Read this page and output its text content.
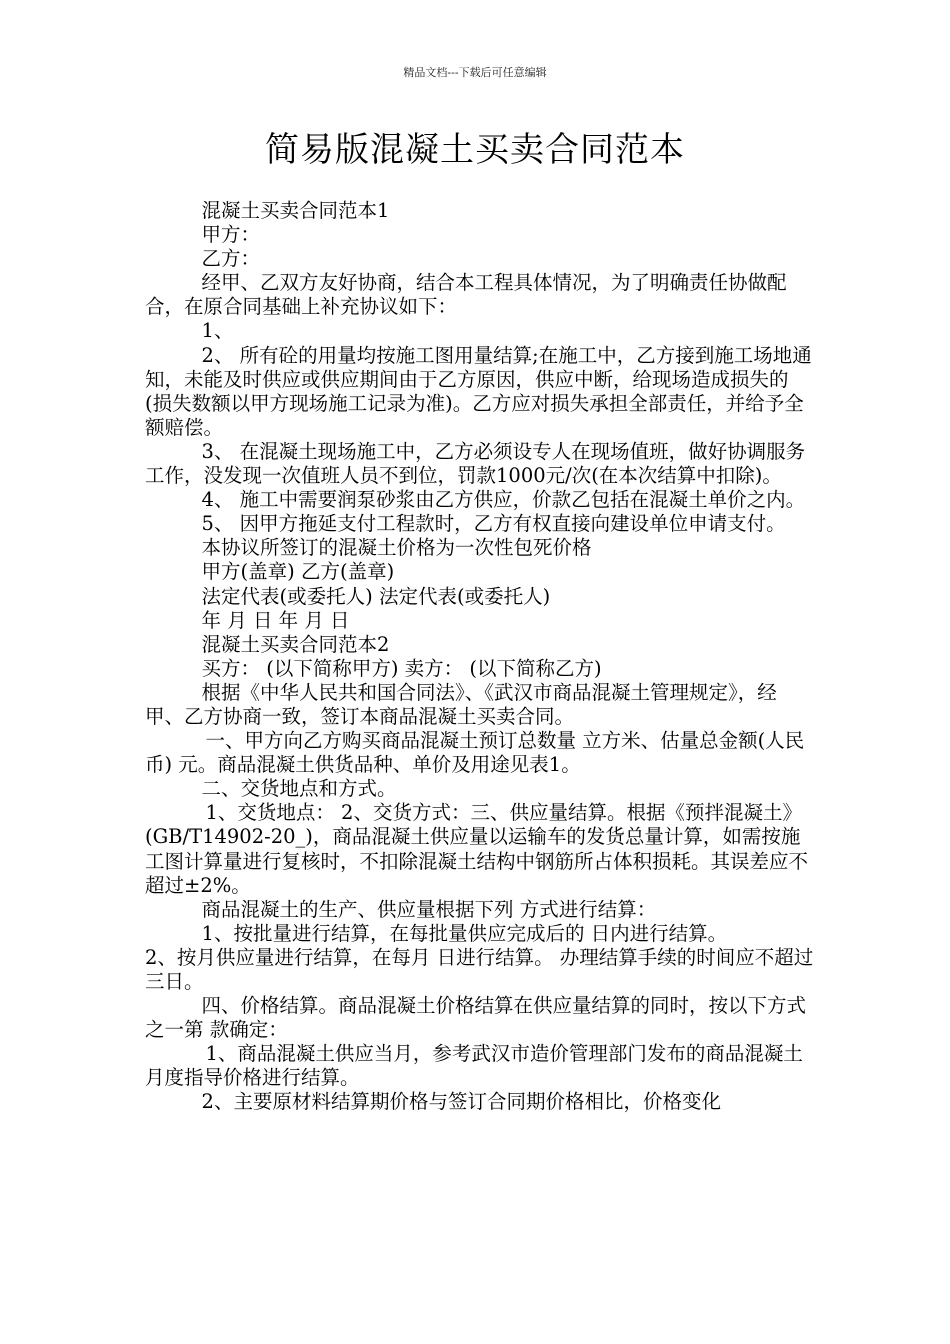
精品文档---下载后可任意编辑
简易版混凝土买卖合同范本

混凝土买卖合同范本1

甲方：

乙方：

经甲、乙双方友好协商，结合本工程具体情况，为了明确责任协做配合，在原合同基础上补充协议如下：

1、

2、 所有砼的用量均按施工图用量结算;在施工中，乙方接到施工场地通知，未能及时供应或供应期间由于乙方原因，供应中断，给现场造成损失的(损失数额以甲方现场施工记录为准)。乙方应对损失承担全部责任，并给予全额赔偿。

3、 在混凝土现场施工中，乙方必须设专人在现场值班，做好协调服务工作，没发现一次值班人员不到位，罚款1000元/次(在本次结算中扣除)。

4、 施工中需要润泵砂浆由乙方供应，价款乙包括在混凝土单价之内。

5、 因甲方拖延支付工程款时，乙方有权直接向建设单位申请支付。

本协议所签订的混凝土价格为一次性包死价格

甲方(盖章) 乙方(盖章)

法定代表(或委托人) 法定代表(或委托人)

年 月 日 年 月 日

混凝土买卖合同范本2

买方： (以下简称甲方) 卖方： (以下简称乙方)

根据《中华人民共和国合同法》、《武汉市商品混凝土管理规定》，经甲、乙方协商一致，签订本商品混凝土买卖合同。

一、甲方向乙方购买商品混凝土预订总数量 立方米、估量总金额(人民币) 元。商品混凝土供货品种、单价及用途见表1。

二、交货地点和方式。

1、交货地点： 2、交货方式：三、供应量结算。根据《预拌混凝土》(GB/T14902-20_)，商品混凝土供应量以运输车的发货总量计算，如需按施工图计算量进行复核时，不扣除混凝土结构中钢筋所占体积损耗。其误差应不超过±2%。

商品混凝土的生产、供应量根据下列 方式进行结算：

1、按批量进行结算，在每批量供应完成后的 日内进行结算。

2、按月供应量进行结算，在每月 日进行结算。 办理结算手续的时间应不超过三日。

四、价格结算。商品混凝土价格结算在供应量结算的同时，按以下方式之一第 款确定：

1、商品混凝土供应当月，参考武汉市造价管理部门发布的商品混凝土月度指导价格进行结算。

2、主要原材料结算期价格与签订合同期价格相比，价格变化
